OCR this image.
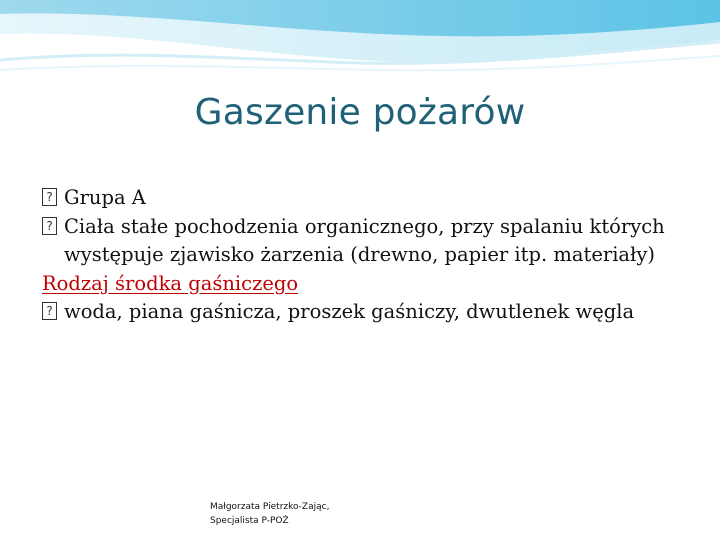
Gaszenie pożarów
? Grupa A
? Ciała stałe pochodzenia organicznego, przy spalaniu których występuje zjawisko żarzenia (drewno, papier itp. materiały)
Rodzaj środka gaśniczego
? woda, piana gaśnicza, proszek gaśniczy, dwutlenek węgla
Małgorzata Pietrzko-Zając,
Specjalista P-POŻ
